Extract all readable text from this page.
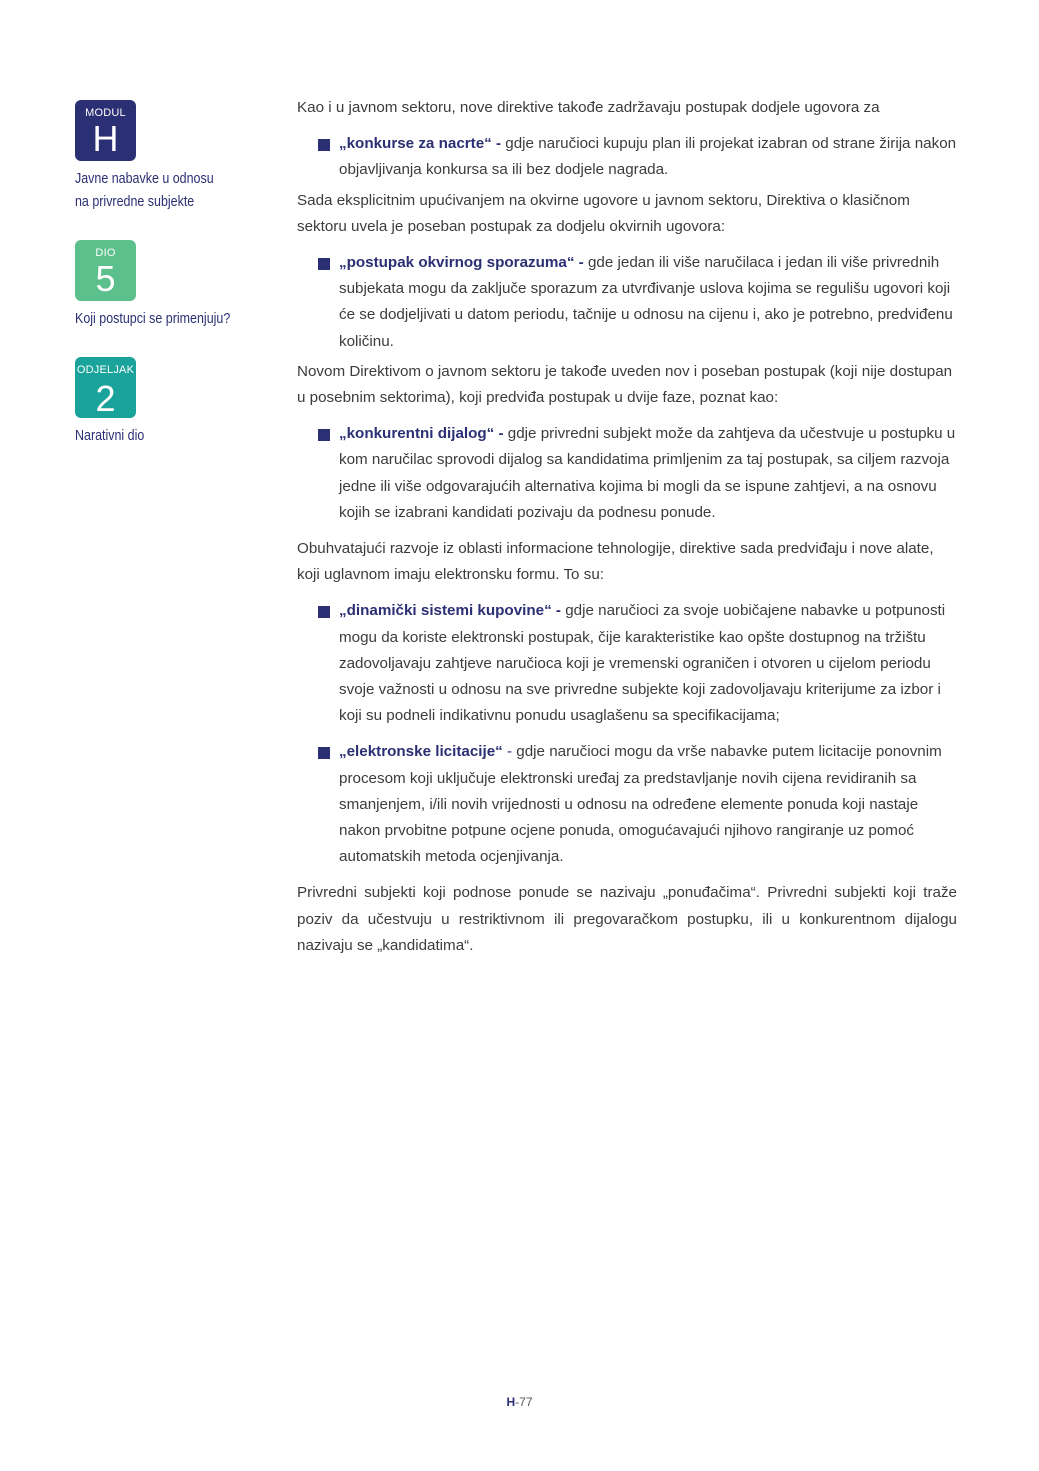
MODUL
H
Javne nabavke u odnosu
na privredne subjekte
DIO
5
Koji postupci se primenjuju?
ODJELJAK
2
Narativni dio

Kao i u javnom sektoru, nove direktive takođe zadržavaju postupak dodjele ugovora za

„konkurse za nacrte“ - gdje naručioci kupuju plan ili projekat izabran od strane žirija nakon objavljivanja konkursa sa ili bez dodjele nagrada.

Sada eksplicitnim upućivanjem na okvirne ugovore u javnom sektoru, Direktiva o klasičnom sektoru uvela je poseban postupak za dodjelu okvirnih ugovora:

„postupak okvirnog sporazuma“ - gde jedan ili više naručilaca i jedan ili više privrednih subjekata mogu da zaključe sporazum za utvrđivanje uslova kojima se regulišu ugovori koji će se dodjeljivati u datom periodu, tačnije u odnosu na cijenu i, ako je potrebno, predviđenu količinu.

Novom Direktivom o javnom sektoru je takođe uveden nov i poseban postupak (koji nije dostupan u posebnim sektorima), koji predviđa postupak u dvije faze, poznat kao:

„konkurentni dijalog“ - gdje privredni subjekt može da zahtjeva da učestvuje u postupku u kom naručilac sprovodi dijalog sa kandidatima primljenim za taj postupak, sa ciljem razvoja jedne ili više odgovarajućih alternativa kojima bi mogli da se ispune zahtjevi, a na osnovu kojih se izabrani kandidati pozivaju da podnesu ponude.

Obuhvatajući razvoje iz oblasti informacione tehnologije, direktive sada predviđaju i nove alate, koji uglavnom imaju elektronsku formu. To su:

„dinamički sistemi kupovine“ - gdje naručioci za svoje uobičajene nabavke u potpunosti mogu da koriste elektronski postupak, čije karakteristike kao opšte dostupnog na tržištu zadovoljavaju zahtjeve naručioca koji je vremenski ograničen i otvoren u cijelom periodu svoje važnosti u odnosu na sve privredne subjekte koji zadovoljavaju kriterijume za izbor i koji su podneli indikativnu ponudu usaglašenu sa specifikacijama;
„elektronske licitacije“ - gdje naručioci mogu da vrše nabavke putem licitacije ponovnim procesom koji uključuje elektronski uređaj za predstavljanje novih cijena revidiranih sa smanjenjem, i/ili novih vrijednosti u odnosu na određene elemente ponuda koji nastaje nakon prvobitne potpune ocjene ponuda, omogućavajući njihovo rangiranje uz pomoć automatskih metoda ocjenjivanja.

Privredni subjekti koji podnose ponude se nazivaju „ponuđačima“. Privredni subjekti koji traže poziv da učestvuju u restriktivnom ili pregovaračkom postupku, ili u konkurentnom dijalogu nazivaju se „kandidatima“.

H-77
